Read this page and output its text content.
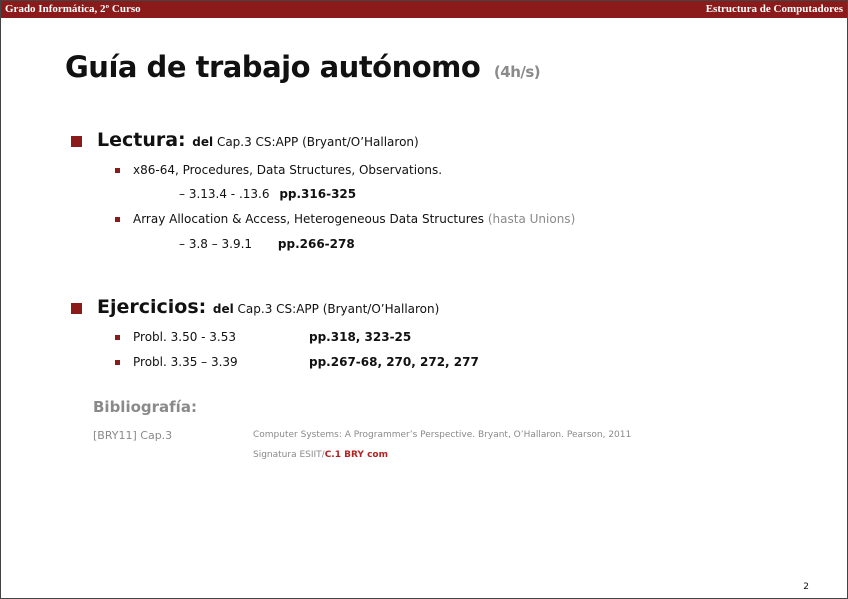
Grado Informática, 2º Curso	Estructura de Computadores
Guía de trabajo autónomo (4h/s)
Lectura: del Cap.3 CS:APP (Bryant/O’Hallaron)
x86-64, Procedures, Data Structures, Observations.
– 3.13.4 - .13.6 pp.316-325
Array Allocation & Access, Heterogeneous Data Structures (hasta Unions)
– 3.8 – 3.9.1 pp.266-278
Ejercicios: del Cap.3 CS:APP (Bryant/O’Hallaron)
Probl. 3.50 - 3.53	pp.318, 323-25
Probl. 3.35 – 3.39	pp.267-68, 270, 272, 277
Bibliografía:
[BRY11] Cap.3	Computer Systems: A Programmer’s Perspective. Bryant, O’Hallaron. Pearson, 2011
Signatura ESIIT/C.1 BRY com
2
